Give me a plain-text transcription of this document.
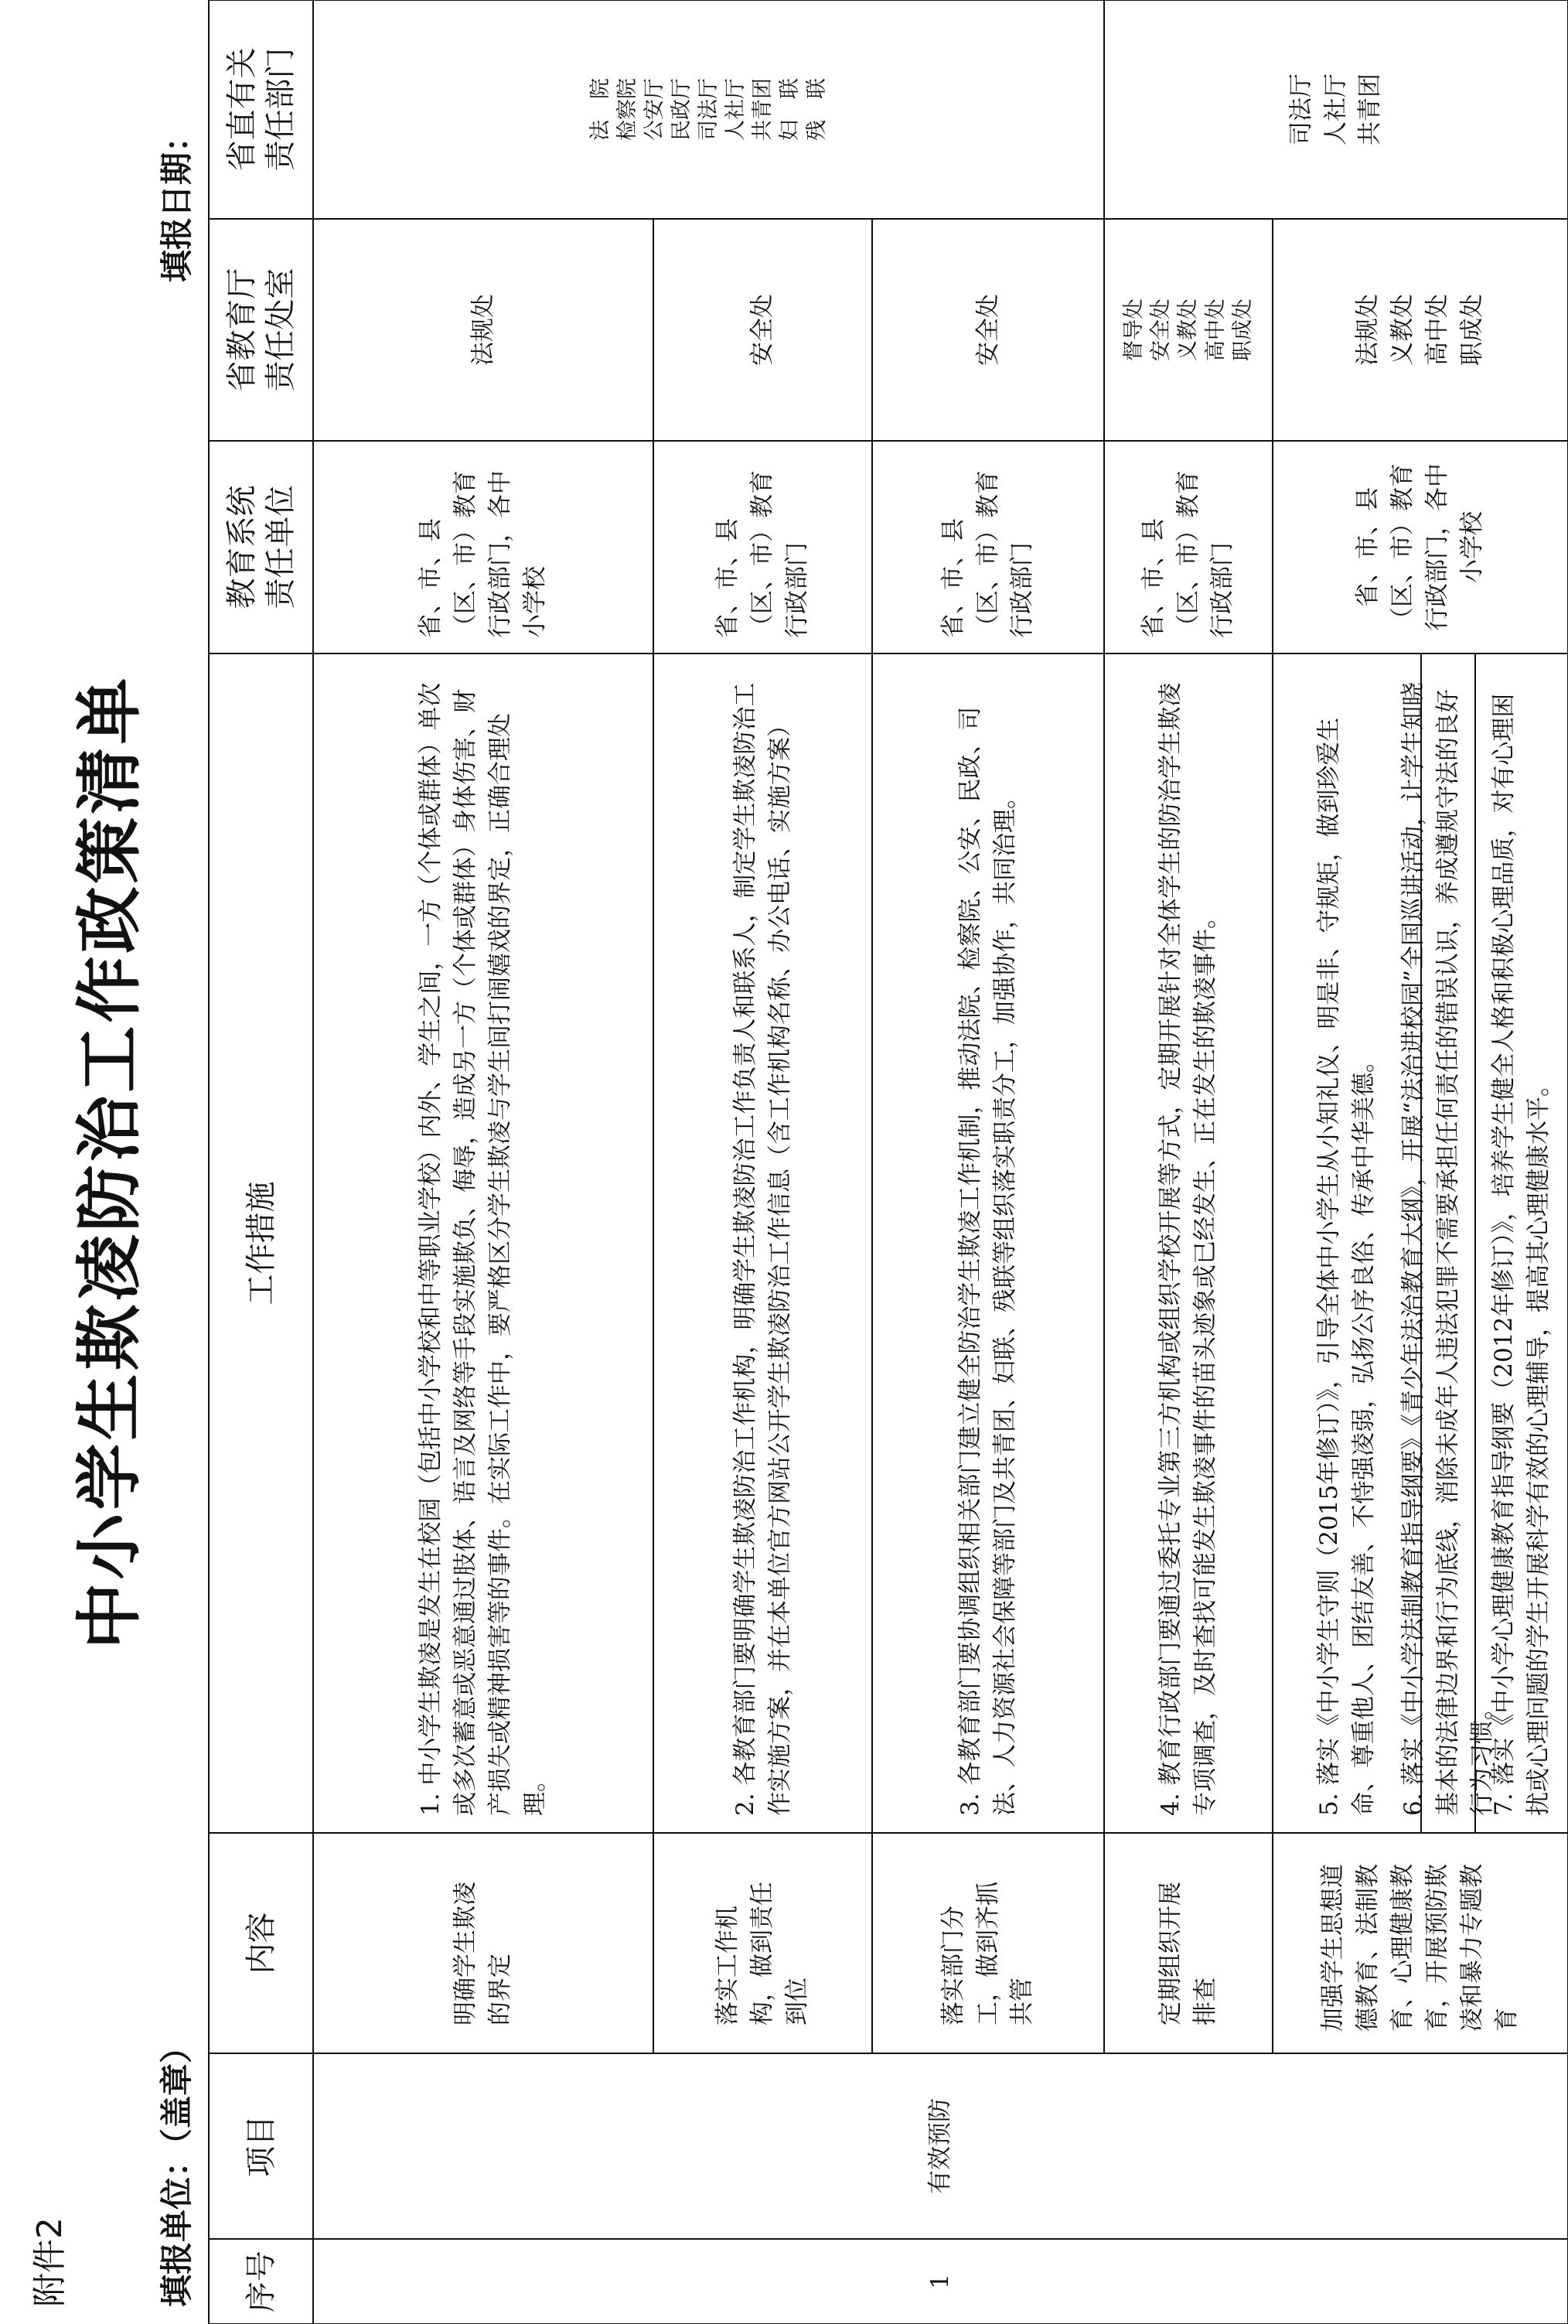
附件2
中小学生欺凌防治工作政策清单
填报单位：（盖章）
填报日期：
序号
项目
内容
工作措施
教育系统
责任单位
省教育厅
责任处室
省直有关
责任部门
1
有效预防
明确学生欺凌的界定
1. 中小学生欺凌是发生在校园（包括中小学校和中等职业学校）内外、学生之间，一方（个体或群体）单次或多次蓄意或恶意通过肢体、语言及网络等手段实施欺负、侮辱，造成另一方（个体或群体）身体伤害、财产损失或精神损害等的事件。在实际工作中，要严格区分学生欺凌与学生间打闹嬉戏的界定，正确合理处理。
省、市、县（区、市）教育行政部门，各中小学校
法规处
落实工作机构，做到责任到位
2. 各教育部门要明确学生欺凌防治工作机构，明确学生欺凌防治工作负责人和联系人，制定学生欺凌防治工作实施方案，并在本单位官方网站公开学生欺凌防治工作信息（含工作机构名称、办公电话、实施方案）
省、市、县（区、市）教育行政部门
安全处
落实部门分工，做到齐抓共管
3. 各教育部门要协调组织相关部门建立健全防治学生欺凌工作机制，推动法院、检察院、公安、民政、司法、人力资源社会保障等部门及共青团、妇联、残联等组织落实职责分工，加强协作，共同治理。
省、市、县（区、市）教育行政部门
安全处
定期组织开展排查
4. 教育行政部门要通过委托专业第三方机构或组织学校开展等方式，定期开展针对全体学生的防治学生欺凌专项调查，及时查找可能发生欺凌事件的苗头迹象或已经发生、正在发生的欺凌事件。
省、市、县（区、市）教育行政部门
督导处
安全处
义教处
高中处
职成处
加强学生思想道德教育、法制教育、心理健康教育，开展预防欺凌和暴力专题教育
5. 落实《中小学生守则（2015年修订）》，引导全体中小学生从小知礼仪、明是非、守规矩，做到珍爱生命、尊重他人、团结友善、不恃强凌弱，弘扬公序良俗、传承中华美德。 6. 落实《中小学法制教育指导纲要》《青少年法治教育大纲》，开展“法治进校园”全国巡讲活动，让学生知晓基本的法律边界和行为底线，消除未成年人违法犯罪不需要承担任何责任的错误认识，养成遵规守法的良好行为习惯。
7. 落实《中小学心理健康教育指导纲要（2012年修订）》，培养学生健全人格和积极心理品质，对有心理困扰或心理问题的学生开展科学有效的心理辅导，提高其心理健康水平。
省、市、县（区、市）教育行政部门，各中小学校
法规处
义教处
高中处
职成处
法　院
检察院
公安厅
民政厅
司法厅
人社厅
共青团
妇　联
残　联	司法厅
人社厅
共青团
